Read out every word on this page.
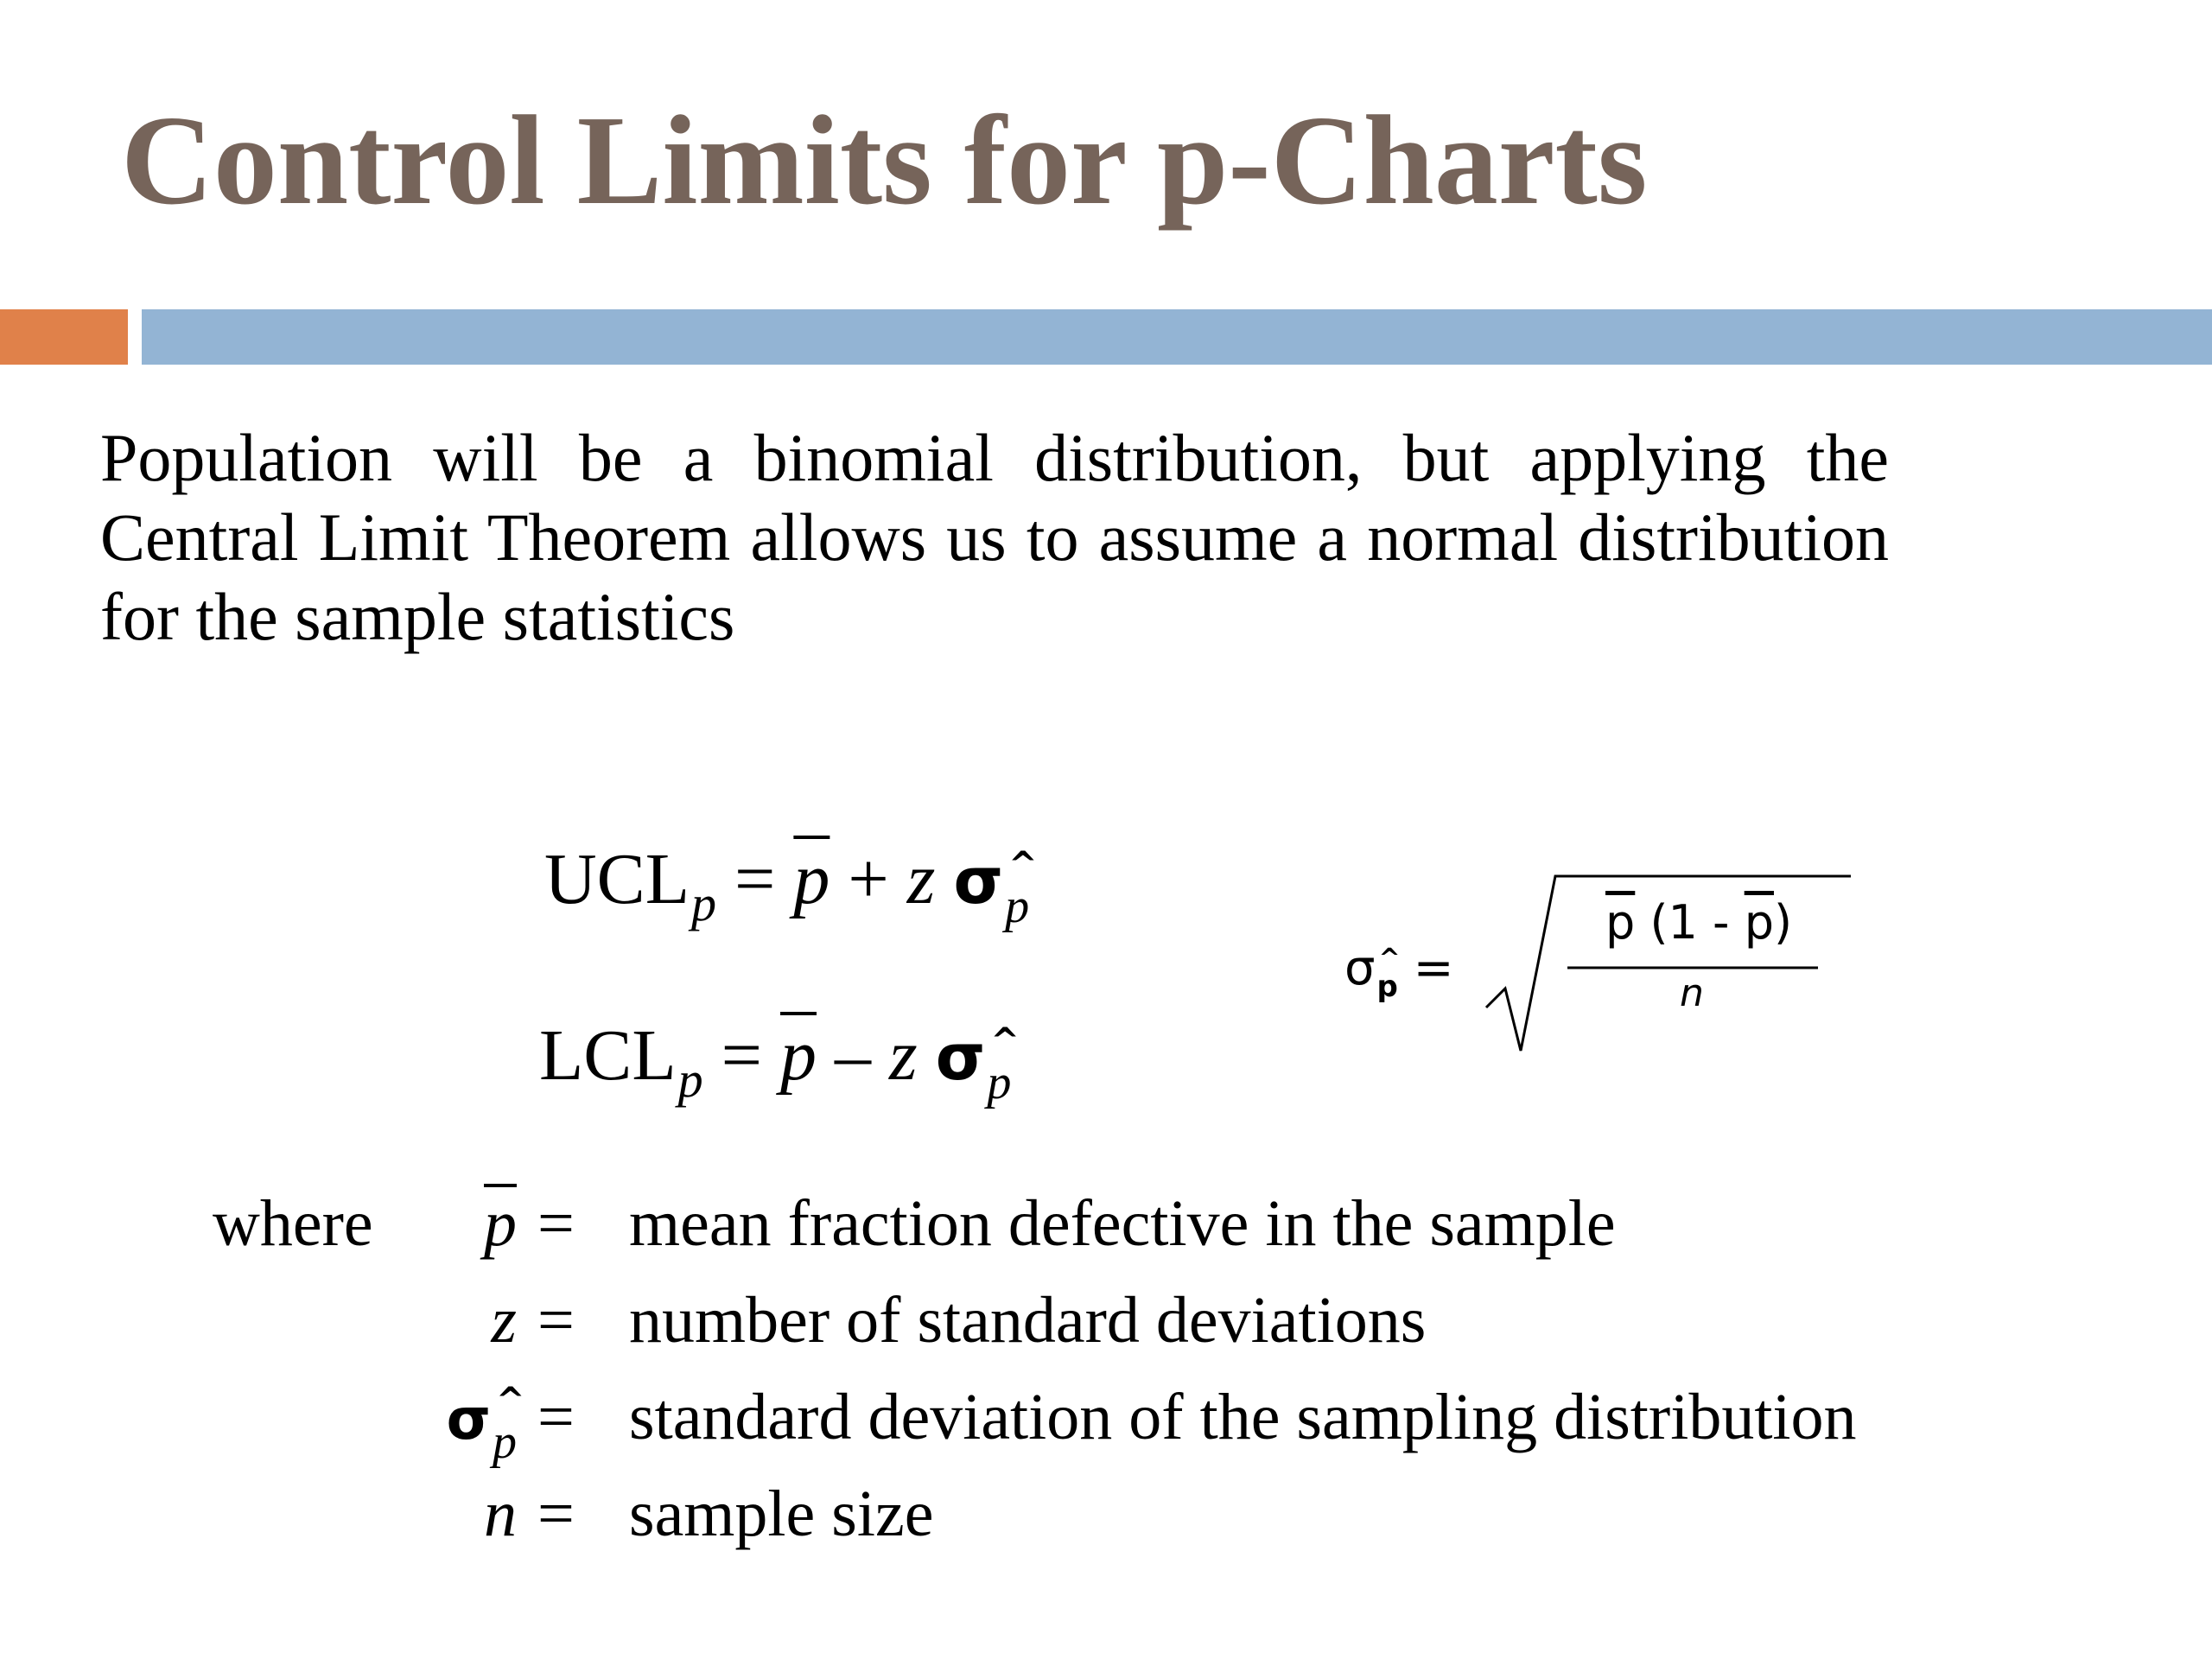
Control Limits for p-Charts
Population will be a binomial distribution, but applying the Central Limit Theorem allows us to assume a normal distribution for the sample statistics
$UCL_p = \overline{p} + z$ σ ^
p
$LCL_p = \overline{p} - z$ σ ^
p
σ ^
p =
$\overline{p}$ $(1 - \overline{p})$
n
where $\overline{p}$ = mean fraction defective in the sample
z = number of standard deviations
σ ^
p = standard deviation of the sampling distribution
n = sample size
